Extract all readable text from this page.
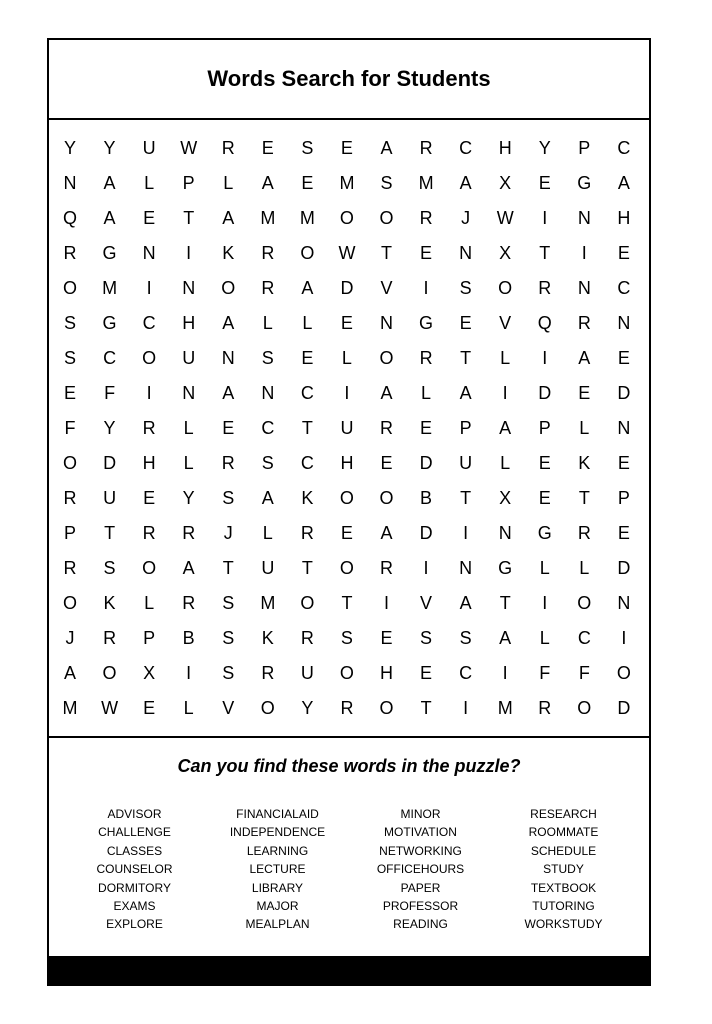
Words Search for Students
Y	Y	U	W	R	E	S	E	A	R	C	H	Y	P	C
N	A	L	P	L	A	E	M	S	M	A	X	E	G	A
Q	A	E	T	A	M	M	O	O	R	J	W	I	N	H
R	G	N	I	K	R	O	W	T	E	N	X	T	I	E
O	M	I	N	O	R	A	D	V	I	S	O	R	N	C
S	G	C	H	A	L	L	E	N	G	E	V	Q	R	N
S	C	O	U	N	S	E	L	O	R	T	L	I	A	E
E	F	I	N	A	N	C	I	A	L	A	I	D	E	D
F	Y	R	L	E	C	T	U	R	E	P	A	P	L	N
O	D	H	L	R	S	C	H	E	D	U	L	E	K	E
R	U	E	Y	S	A	K	O	O	B	T	X	E	T	P
P	T	R	R	J	L	R	E	A	D	I	N	G	R	E
R	S	O	A	T	U	T	O	R	I	N	G	L	L	D
O	K	L	R	S	M	O	T	I	V	A	T	I	O	N
J	R	P	B	S	K	R	S	E	S	S	A	L	C	I
A	O	X	I	S	R	U	O	H	E	C	I	F	F	O
M	W	E	L	V	O	Y	R	O	T	I	M	R	O	D
Can you find these words in the puzzle?
ADVISOR
CHALLENGE
CLASSES
COUNSELOR
DORMITORY
EXAMS
EXPLORE
FINANCIALAID
INDEPENDENCE
LEARNING
LECTURE
LIBRARY
MAJOR
MEALPLAN
MINOR
MOTIVATION
NETWORKING
OFFICEHOURS
PAPER
PROFESSOR
READING
RESEARCH
ROOMMATE
SCHEDULE
STUDY
TEXTBOOK
TUTORING
WORKSTUDY
